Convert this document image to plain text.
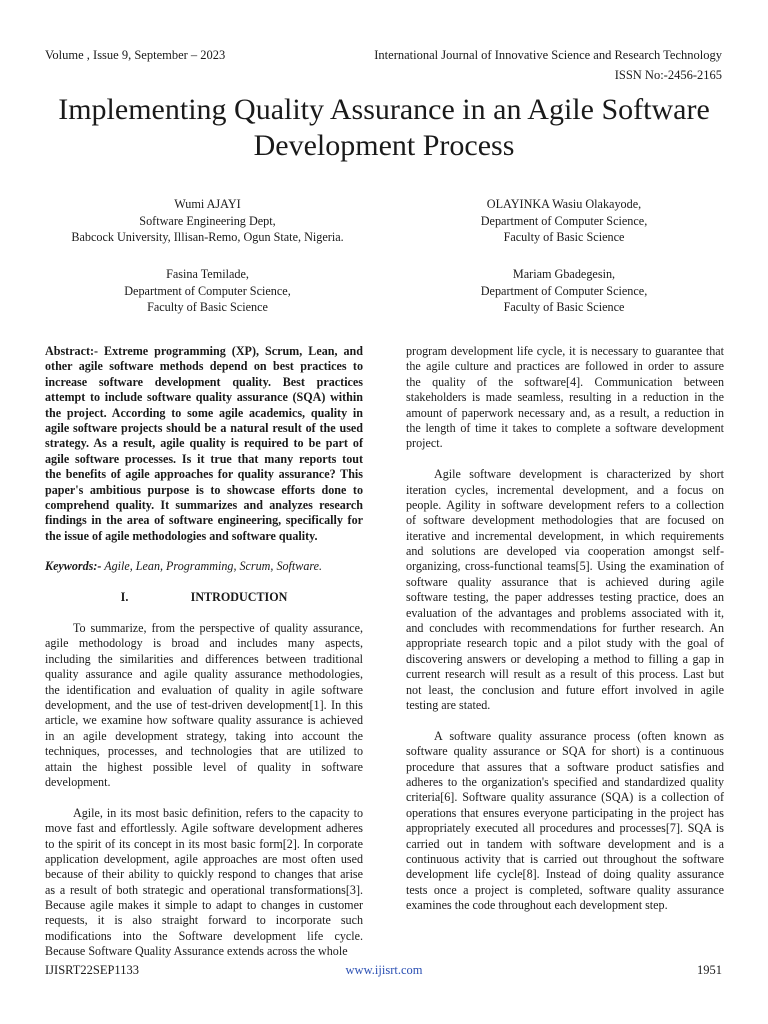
Volume , Issue 9, September – 2023	International Journal of Innovative Science and Research Technology
ISSN No:-2456-2165
Implementing Quality Assurance in an Agile Software
Development Process
Wumi AJAYI
Software Engineering Dept,
Babcock University, Illisan-Remo, Ogun State, Nigeria.
OLAYINKA Wasiu Olakayode,
Department of Computer Science,
Faculty of Basic Science
Fasina Temilade,
Department of Computer Science,
Faculty of Basic Science
Mariam Gbadegesin,
Department of Computer Science,
Faculty of Basic Science
Abstract:- Extreme programming (XP), Scrum, Lean, and
other agile software methods depend on best practices to
increase software development quality. Best practices
attempt to include software quality assurance (SQA) within
the project. According to some agile academics, quality in
agile software projects should be a natural result of the used
strategy. As a result, agile quality is required to be part of
agile software processes. Is it true that many reports tout
the benefits of agile approaches for quality assurance? This
paper's ambitious purpose is to showcase efforts done to
comprehend quality. It summarizes and analyzes research
findings in the area of software engineering, specifically for
the issue of agile methodologies and software quality.
Keywords:- Agile, Lean, Programming, Scrum, Software.
I.	INTRODUCTION
To summarize, from the perspective of quality assurance,
agile methodology is broad and includes many aspects,
including the similarities and differences between traditional
quality assurance and agile quality assurance methodologies,
the identification and evaluation of quality in agile software
development, and the use of test-driven development[1]. In this
article, we examine how software quality assurance is achieved
in an agile development strategy, taking into account the
techniques, processes, and technologies that are utilized to
attain the highest possible level of quality in software
development.
Agile, in its most basic definition, refers to the capacity to
move fast and effortlessly. Agile software development adheres
to the spirit of its concept in its most basic form[2]. In corporate
application development, agile approaches are most often used
because of their ability to quickly respond to changes that arise
as a result of both strategic and operational transformations[3].
Because agile makes it simple to adapt to changes in customer
requests, it is also straight forward to incorporate such
modifications into the Software development life cycle.
Because Software Quality Assurance extends across the whole
program development life cycle, it is necessary to guarantee that
the agile culture and practices are followed in order to assure
the quality of the software[4]. Communication between
stakeholders is made seamless, resulting in a reduction in the
amount of paperwork necessary and, as a result, a reduction in
the length of time it takes to complete a software development
project.
Agile software development is characterized by short
iteration cycles, incremental development, and a focus on
people. Agility in software development refers to a collection
of software development methodologies that are focused on
iterative and incremental development, in which requirements
and solutions are developed via cooperation amongst self-
organizing, cross-functional teams[5]. Using the examination of
software quality assurance that is achieved during agile
software testing, the paper addresses testing practice, does an
evaluation of the advantages and problems associated with it,
and concludes with recommendations for further research. An
appropriate research topic and a pilot study with the goal of
discovering answers or developing a method to filling a gap in
current research will result as a result of this process. Last but
not least, the conclusion and future effort involved in agile
testing are stated.
A software quality assurance process (often known as
software quality assurance or SQA for short) is a continuous
procedure that assures that a software product satisfies and
adheres to the organization's specified and standardized quality
criteria[6]. Software quality assurance (SQA) is a collection of
operations that ensures everyone participating in the project has
appropriately executed all procedures and processes[7]. SQA is
carried out in tandem with software development and is a
continuous activity that is carried out throughout the software
development life cycle[8]. Instead of doing quality assurance
tests once a project is completed, software quality assurance
examines the code throughout each development step.
IJISRT22SEP1133	www.ijisrt.com	1951
